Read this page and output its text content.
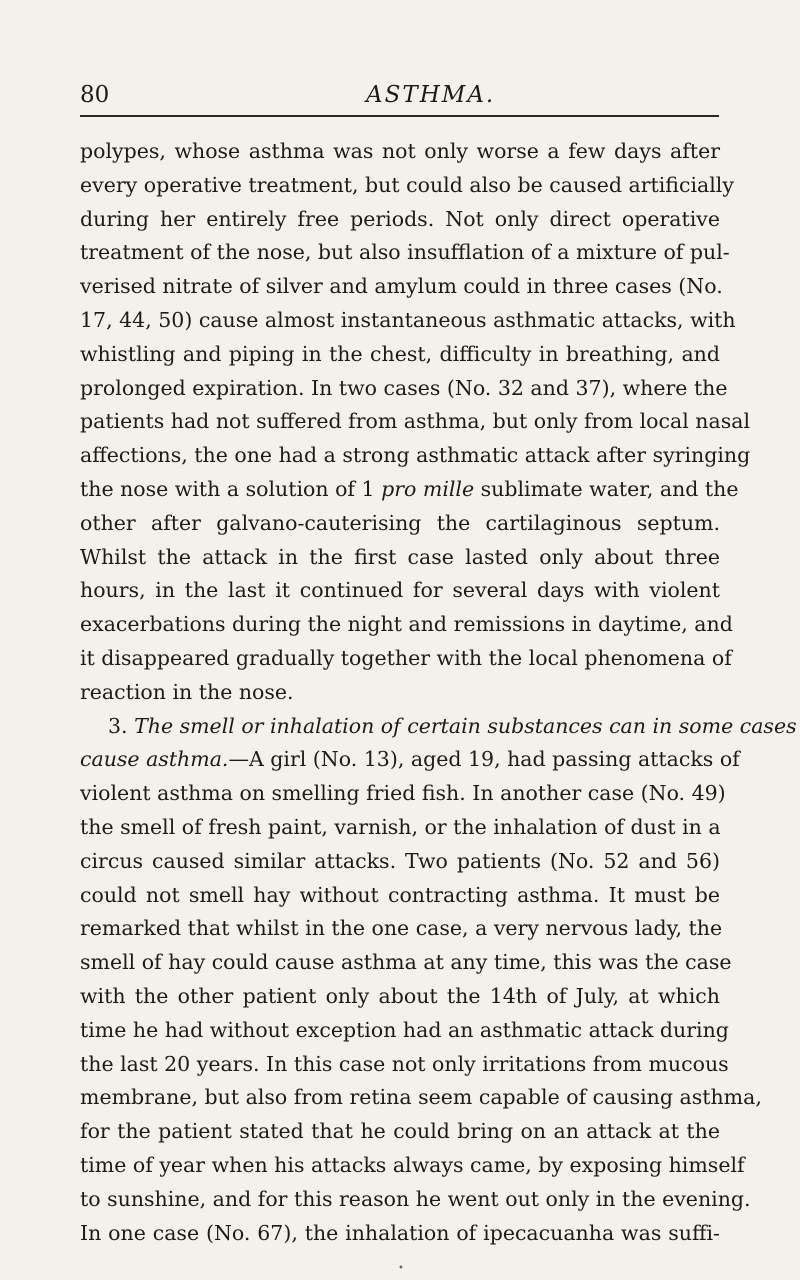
80	ASTHMA.
polypes, whose asthma was not only worse a few days after
every operative treatment, but could also be caused artificially
during her entirely free periods. Not only direct operative
treatment of the nose, but also insufflation of a mixture of pul-
verised nitrate of silver and amylum could in three cases (No.
17, 44, 50) cause almost instantaneous asthmatic attacks, with
whistling and piping in the chest, difficulty in breathing, and
prolonged expiration. In two cases (No. 32 and 37), where the
patients had not suffered from asthma, but only from local nasal
affections, the one had a strong asthmatic attack after syringing
the nose with a solution of 1 pro mille sublimate water, and the
other after galvano-cauterising the cartilaginous septum.
Whilst the attack in the first case lasted only about three
hours, in the last it continued for several days with violent
exacerbations during the night and remissions in daytime, and
it disappeared gradually together with the local phenomena of
reaction in the nose.
3. The smell or inhalation of certain substances can in some cases
cause asthma.—A girl (No. 13), aged 19, had passing attacks of
violent asthma on smelling fried fish. In another case (No. 49)
the smell of fresh paint, varnish, or the inhalation of dust in a
circus caused similar attacks. Two patients (No. 52 and 56)
could not smell hay without contracting asthma. It must be
remarked that whilst in the one case, a very nervous lady, the
smell of hay could cause asthma at any time, this was the case
with the other patient only about the 14th of July, at which
time he had without exception had an asthmatic attack during
the last 20 years. In this case not only irritations from mucous
membrane, but also from retina seem capable of causing asthma,
for the patient stated that he could bring on an attack at the
time of year when his attacks always came, by exposing himself
to sunshine, and for this reason he went out only in the evening.
In one case (No. 67), the inhalation of ipecacuanha was suffi-
•
